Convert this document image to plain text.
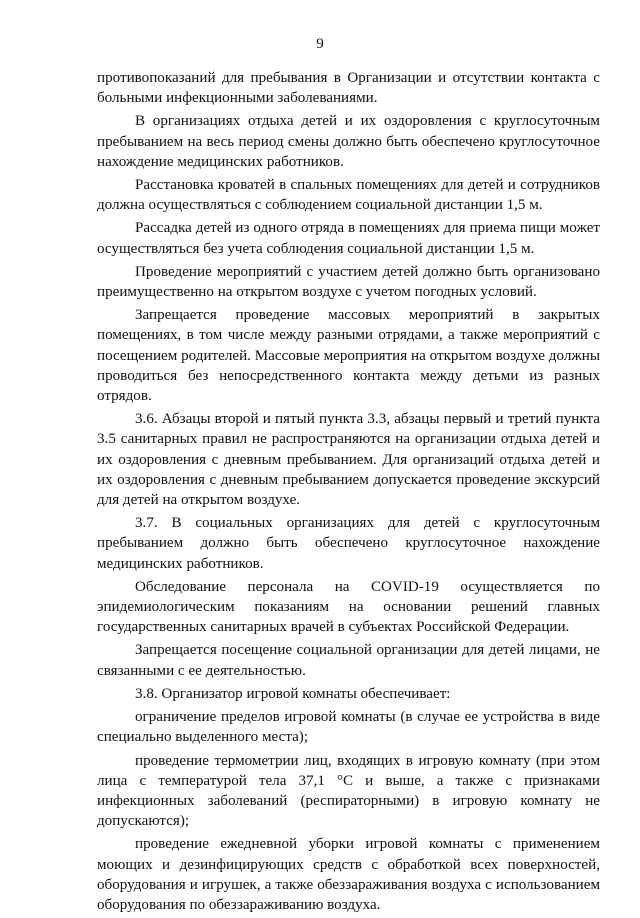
9

противопоказаний для пребывания в Организации и отсутствии контакта с больными инфекционными заболеваниями.

В организациях отдыха детей и их оздоровления с круглосуточным пребыванием на весь период смены должно быть обеспечено круглосуточное нахождение медицинских работников.

Расстановка кроватей в спальных помещениях для детей и сотрудников должна осуществляться с соблюдением социальной дистанции 1,5 м.

Рассадка детей из одного отряда в помещениях для приема пищи может осуществляться без учета соблюдения социальной дистанции 1,5 м.

Проведение мероприятий с участием детей должно быть организовано преимущественно на открытом воздухе с учетом погодных условий.

Запрещается проведение массовых мероприятий в закрытых помещениях, в том числе между разными отрядами, а также мероприятий с посещением родителей. Массовые мероприятия на открытом воздухе должны проводиться без непосредственного контакта между детьми из разных отрядов.

3.6. Абзацы второй и пятый пункта 3.3, абзацы первый и третий пункта 3.5 санитарных правил не распространяются на организации отдыха детей и их оздоровления с дневным пребыванием. Для организаций отдыха детей и их оздоровления с дневным пребыванием допускается проведение экскурсий для детей на открытом воздухе.

3.7. В социальных организациях для детей с круглосуточным пребыванием должно быть обеспечено круглосуточное нахождение медицинских работников.

Обследование персонала на COVID-19 осуществляется по эпидемиологическим показаниям на основании решений главных государственных санитарных врачей в субъектах Российской Федерации.

Запрещается посещение социальной организации для детей лицами, не связанными с ее деятельностью.

3.8. Организатор игровой комнаты обеспечивает:

ограничение пределов игровой комнаты (в случае ее устройства в виде специально выделенного места);

проведение термометрии лиц, входящих в игровую комнату (при этом лица с температурой тела 37,1 °С и выше, а также с признаками инфекционных заболеваний (респираторными) в игровую комнату не допускаются);

проведение ежедневной уборки игровой комнаты с применением моющих и дезинфицирующих средств с обработкой всех поверхностей, оборудования и игрушек, а также обеззараживания воздуха с использованием оборудования по обеззараживанию воздуха.
